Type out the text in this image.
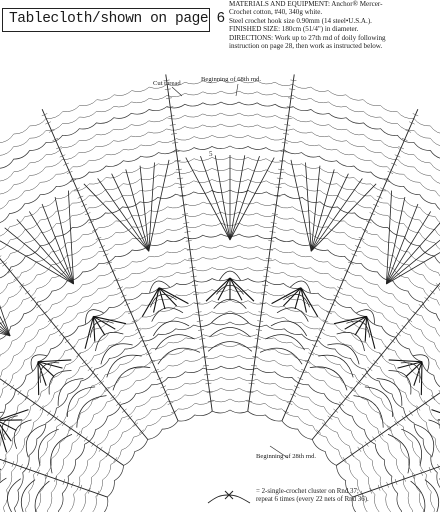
Tablecloth/shown on page 6
MATERIALS AND EQUIPMENT: Anchor® Mercer-
Crochet cotton, #40, 340g white.
Steel crochet hook size 0.90mm (14 steel•U.S.A.).
FINISHED SIZE: 180cm (51/4") in diameter.
DIRECTIONS: Work up to 27th rnd of doily following
instruction on page 28, then work as instructed below.
Cut thread
Beginning of 68th rnd.
5
Beginning of 28th rnd.
= 2-single-crochet cluster on Rnd 37;
repeat 6 times (every 22 nets of Rnd 36).
